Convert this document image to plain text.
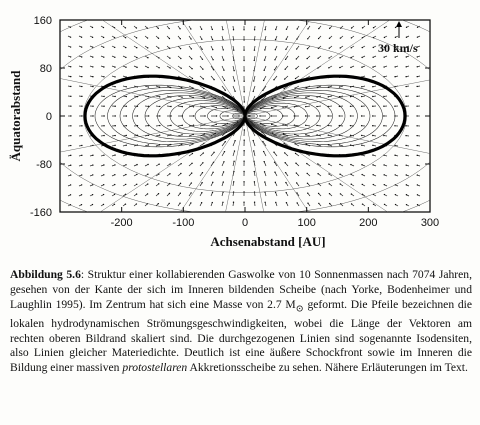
-200	-100	0	100	200	300
160
80
0
-80
-160
30 km/s
Äquatorabstand
Achsenabstand [AU]
Abbildung 5.6: Struktur einer kollabierenden Gaswolke von 10 Sonnenmassen nach 7074 Jahren, gesehen von der Kante der sich im Inneren bildenden Scheibe (nach Yorke, Bodenheimer und Laughlin 1995). Im Zentrum hat sich eine Masse von 2.7 $M_⊙$ geformt. Die Pfeile bezeichnen die lokalen hydrodynamischen Strömungsgeschwindigkeiten, wobei die Länge der Vektoren am rechten oberen Bildrand skaliert sind. Die durchgezogenen Linien sind sogenannte Isodensiten, also Linien gleicher Materiedichte. Deutlich ist eine äußere Schockfront sowie im Inneren die Bildung einer massiven protostellaren Akkretionsscheibe zu sehen. Nähere Erläuterungen im Text.
